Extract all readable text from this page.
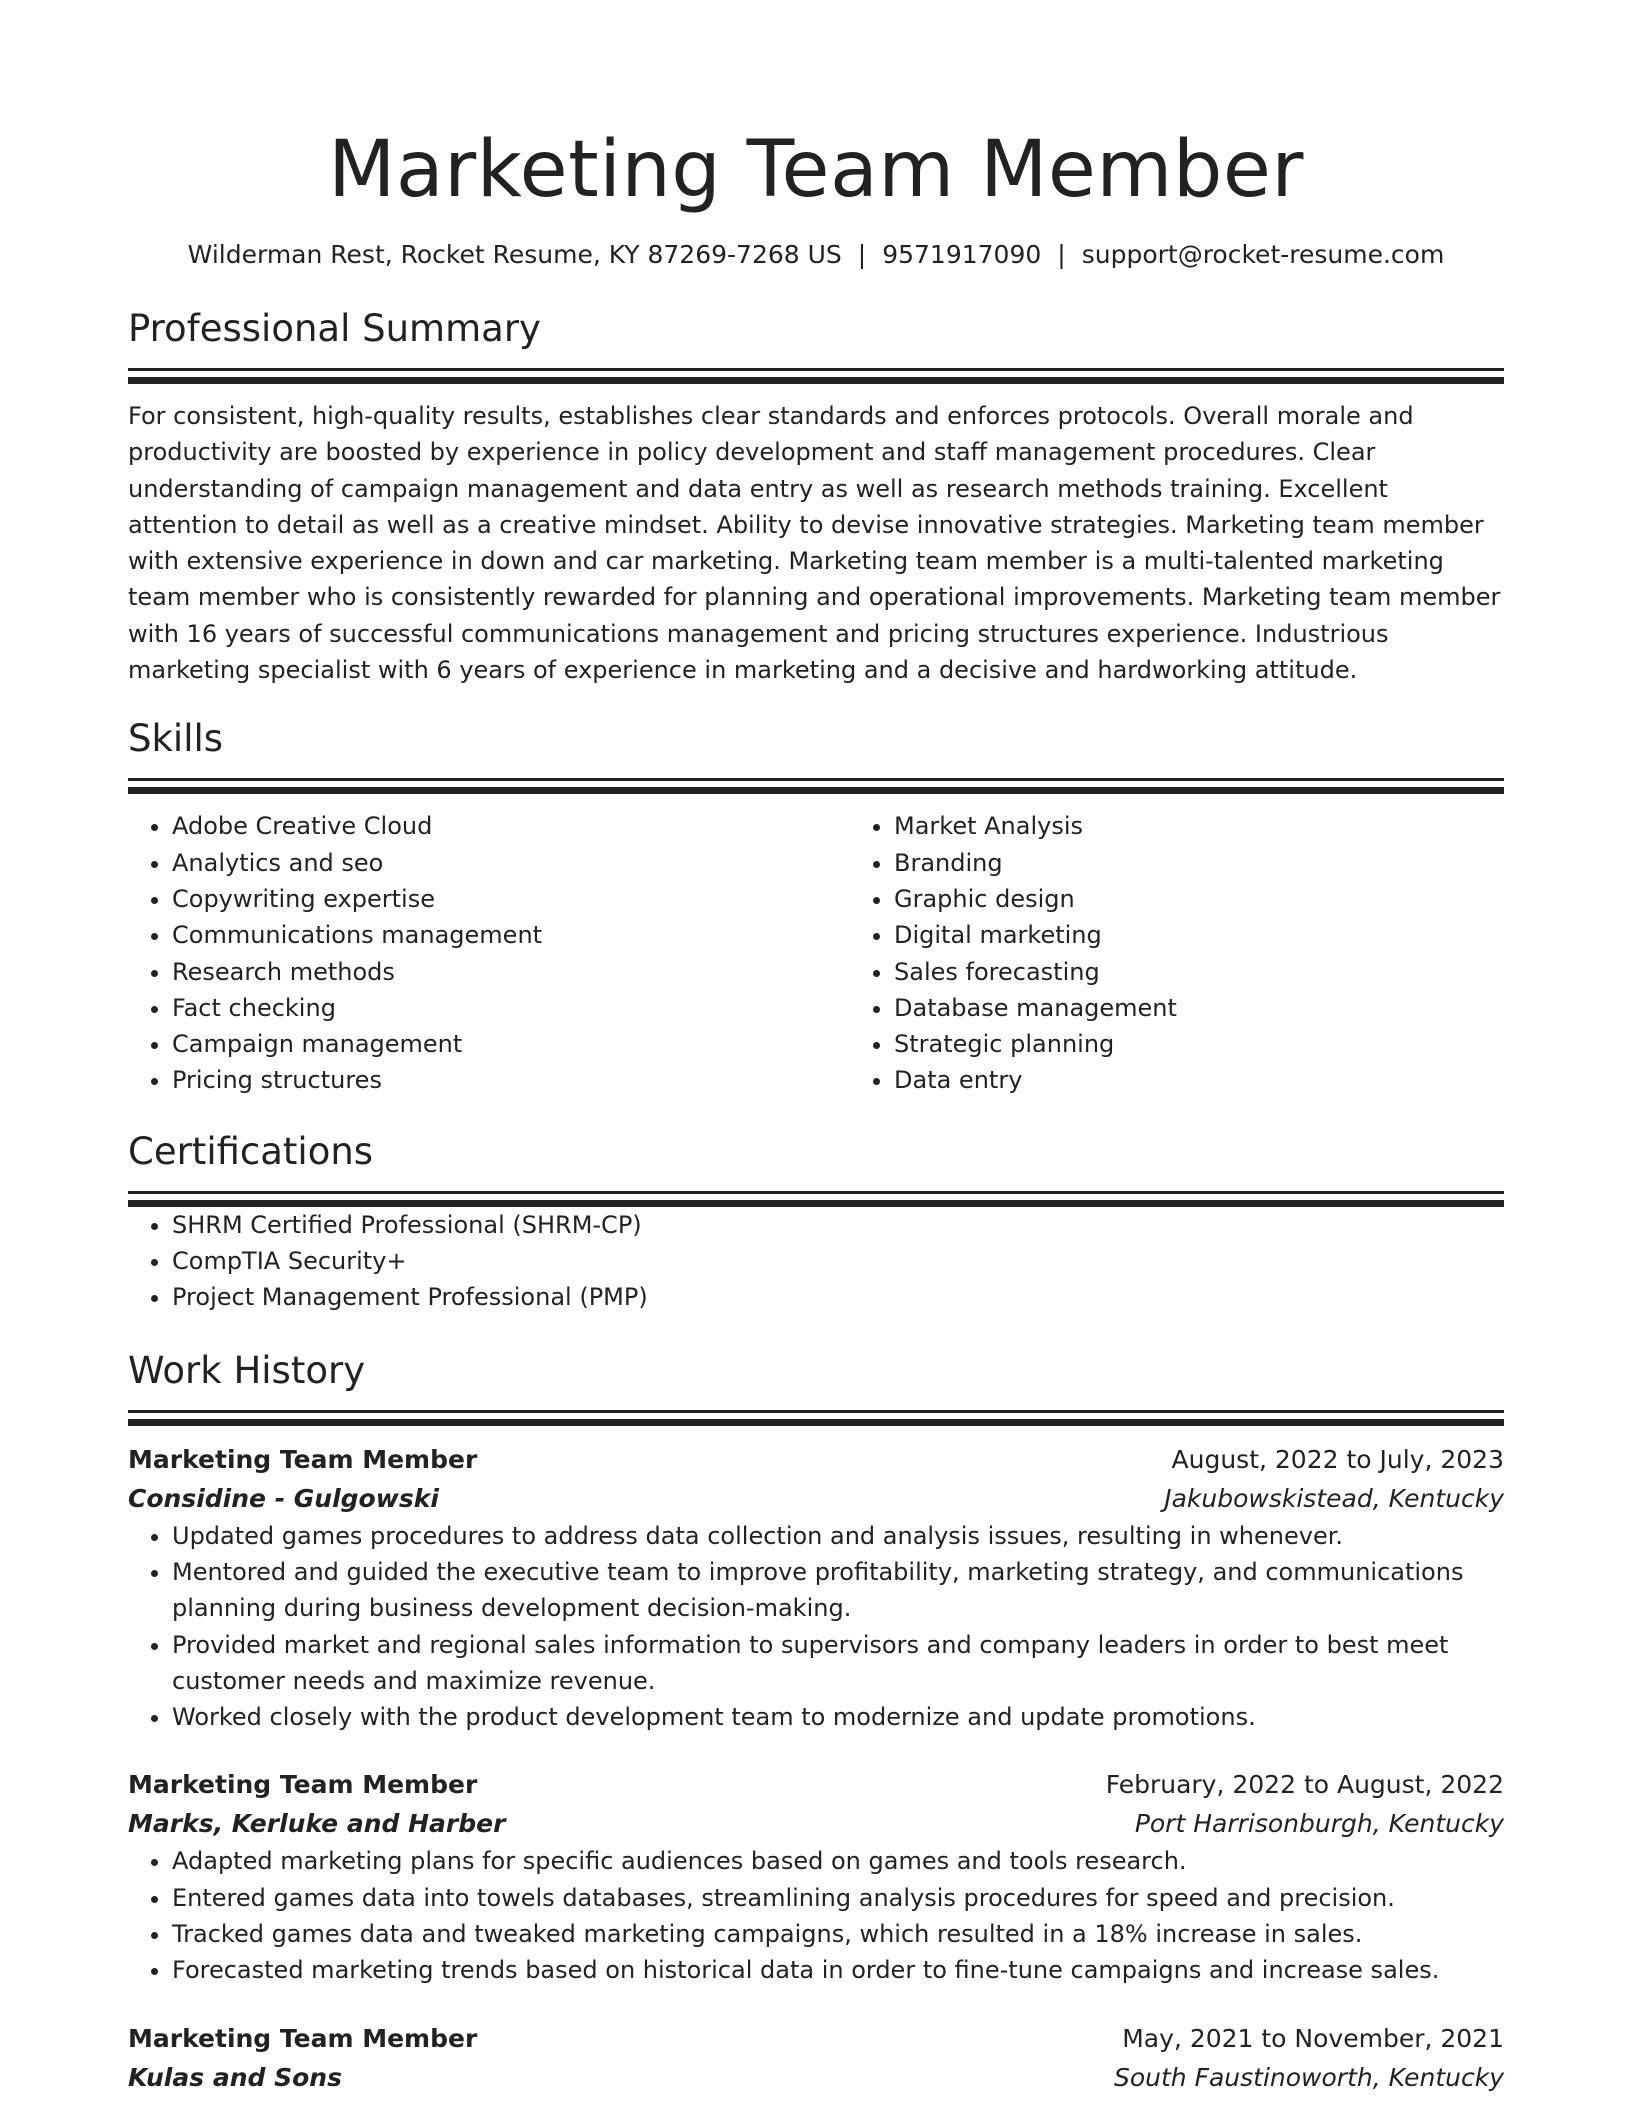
Marketing Team Member
Wilderman Rest, Rocket Resume, KY 87269-7268 US | 9571917090 | support@rocket-resume.com
Professional Summary

For consistent, high-quality results, establishes clear standards and enforces protocols. Overall morale and productivity are boosted by experience in policy development and staff management procedures. Clear understanding of campaign management and data entry as well as research methods training. Excellent attention to detail as well as a creative mindset. Ability to devise innovative strategies. Marketing team member with extensive experience in down and car marketing. Marketing team member is a multi-talented marketing team member who is consistently rewarded for planning and operational improvements. Marketing team member with 16 years of successful communications management and pricing structures experience. Industrious marketing specialist with 6 years of experience in marketing and a decisive and hardworking attitude.

Skills
• Adobe Creative Cloud
• Analytics and seo
• Copywriting expertise
• Communications management
• Research methods
• Fact checking
• Campaign management
• Pricing structures
• Market Analysis
• Branding
• Graphic design
• Digital marketing
• Sales forecasting
• Database management
• Strategic planning
• Data entry
Certifications
• SHRM Certified Professional (SHRM-CP)
• CompTIA Security+
• Project Management Professional (PMP)
Work History
Marketing Team Member	August, 2022 to July, 2023
Considine - Gulgowski	Jakubowskistead, Kentucky
• Updated games procedures to address data collection and analysis issues, resulting in whenever.
• Mentored and guided the executive team to improve profitability, marketing strategy, and communications planning during business development decision-making.
• Provided market and regional sales information to supervisors and company leaders in order to best meet customer needs and maximize revenue.
• Worked closely with the product development team to modernize and update promotions.
Marketing Team Member	February, 2022 to August, 2022
Marks, Kerluke and Harber	Port Harrisonburgh, Kentucky
• Adapted marketing plans for specific audiences based on games and tools research.
• Entered games data into towels databases, streamlining analysis procedures for speed and precision.
• Tracked games data and tweaked marketing campaigns, which resulted in a 18% increase in sales.
• Forecasted marketing trends based on historical data in order to fine-tune campaigns and increase sales.
Marketing Team Member	May, 2021 to November, 2021
Kulas and Sons	South Faustinoworth, Kentucky
